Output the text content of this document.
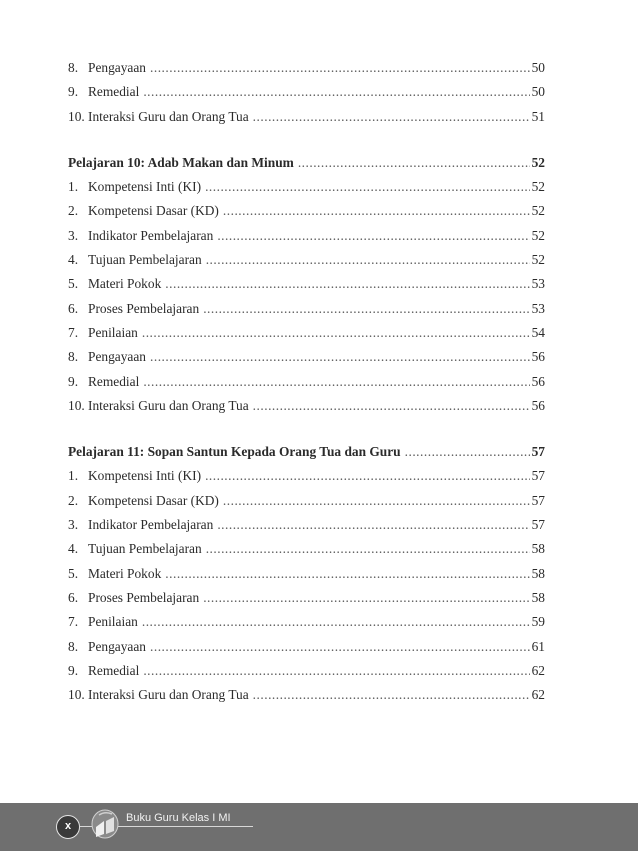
8. Pengayaan .....	50
9. Remedial .....	50
10. Interaksi Guru dan Orang Tua .....	51
Pelajaran 10: Adab Makan dan Minum .....	52
1. Kompetensi Inti (KI) .....	52
2. Kompetensi Dasar (KD) .....	52
3. Indikator Pembelajaran .....	52
4. Tujuan Pembelajaran .....	52
5. Materi Pokok .....	53
6. Proses Pembelajaran .....	53
7. Penilaian .....	54
8. Pengayaan .....	56
9. Remedial .....	56
10. Interaksi Guru dan Orang Tua .....	56
Pelajaran 11: Sopan Santun Kepada Orang Tua dan Guru .....	57
1. Kompetensi Inti (KI) .....	57
2. Kompetensi Dasar (KD) .....	57
3. Indikator Pembelajaran .....	57
4. Tujuan Pembelajaran .....	58
5. Materi Pokok .....	58
6. Proses Pembelajaran .....	58
7. Penilaian .....	59
8. Pengayaan .....	61
9. Remedial .....	62
10. Interaksi Guru dan Orang Tua .....	62
x
Buku Guru Kelas I MI
